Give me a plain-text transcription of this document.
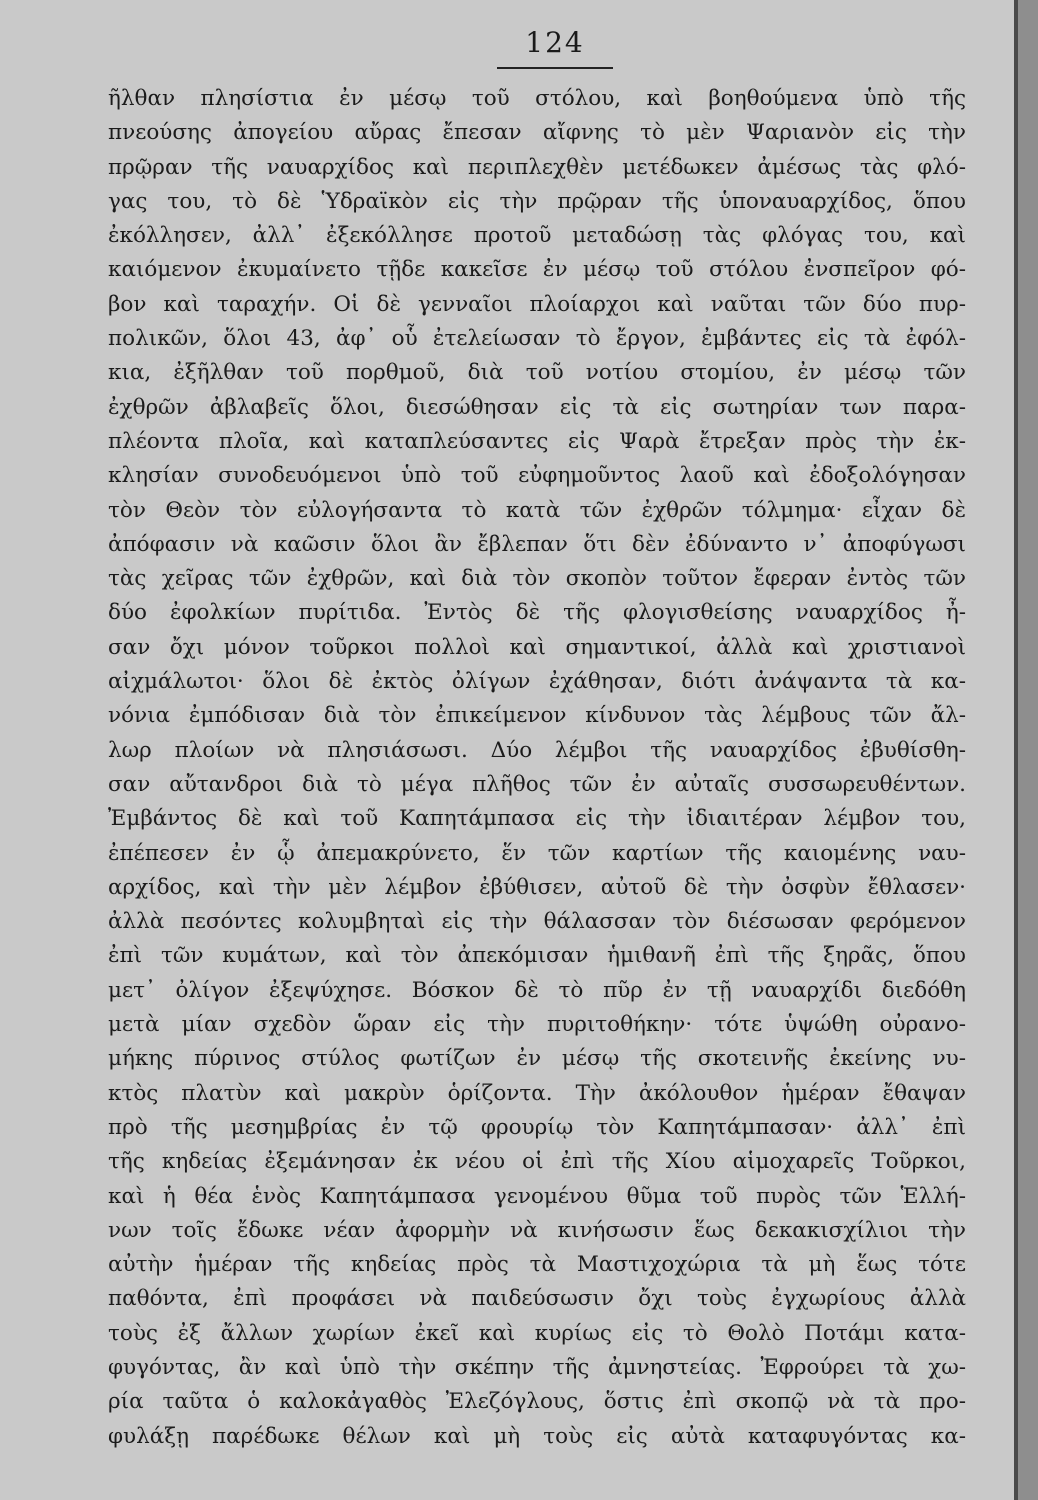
124
ῆλθαν πλησίστια ἐν μέσῳ τοῦ στόλου, καὶ βοηθούμενα ὑπὸ τῆς
πνεούσης ἀπογείου αὔρας ἔπεσαν αἴφνης τὸ μὲν Ψαριανὸν εἰς τὴν
πρῷραν τῆς ναυαρχίδος καὶ περιπλεχθὲν μετέδωκεν ἀμέσως τὰς φλό-
γας του, τὸ δὲ Ὑδραϊκὸν εἰς τὴν πρῷραν τῆς ὑποναυαρχίδος, ὅπου
ἐκόλλησεν, ἀλλ᾽ ἐξεκόλλησε προτοῦ μεταδώσῃ τὰς φλόγας του, καὶ
καιόμενον ἐκυμαίνετο τῇδε κακεῖσε ἐν μέσῳ τοῦ στόλου ἐνσπεῖρον φό-
βον καὶ ταραχήν. Οἱ δὲ γενναῖοι πλοίαρχοι καὶ ναῦται τῶν δύο πυρ-
πολικῶν, ὅλοι 43, ἀφ᾽ οὗ ἐτελείωσαν τὸ ἔργον, ἐμβάντες εἰς τὰ ἐφόλ-
κια, ἐξῆλθαν τοῦ πορθμοῦ, διὰ τοῦ νοτίου στομίου, ἐν μέσῳ τῶν
ἐχθρῶν ἀβλαβεῖς ὅλοι, διεσώθησαν εἰς τὰ εἰς σωτηρίαν των παρα-
πλέοντα πλοῖα, καὶ καταπλεύσαντες εἰς Ψαρὰ ἔτρεξαν πρὸς τὴν ἐκ-
κλησίαν συνοδευόμενοι ὑπὸ τοῦ εὐφημοῦντος λαοῦ καὶ ἐδοξολόγησαν
τὸν Θεὸν τὸν εὐλογήσαντα τὸ κατὰ τῶν ἐχθρῶν τόλμημα· εἶχαν δὲ
ἀπόφασιν νὰ καῶσιν ὅλοι ἂν ἔβλεπαν ὅτι δὲν ἐδύναντο ν᾽ ἀποφύγωσι
τὰς χεῖρας τῶν ἐχθρῶν, καὶ διὰ τὸν σκοπὸν τοῦτον ἔφεραν ἐντὸς τῶν
δύο ἐφολκίων πυρίτιδα. Ἐντὸς δὲ τῆς φλογισθείσης ναυαρχίδος ἦ-
σαν ὄχι μόνον τοῦρκοι πολλοὶ καὶ σημαντικοί, ἀλλὰ καὶ χριστιανοὶ
αἰχμάλωτοι· ὅλοι δὲ ἐκτὸς ὀλίγων ἐχάθησαν, διότι ἀνάψαντα τὰ κα-
νόνια ἐμπόδισαν διὰ τὸν ἐπικείμενον κίνδυνον τὰς λέμβους τῶν ἄλ-
λωρ πλοίων νὰ πλησιάσωσι. Δύο λέμβοι τῆς ναυαρχίδος ἐβυθίσθη-
σαν αὔτανδροι διὰ τὸ μέγα πλῆθος τῶν ἐν αὐταῖς συσσωρευθέντων.
Ἐμβάντος δὲ καὶ τοῦ Καπητάμπασα εἰς τὴν ἰδιαιτέραν λέμβον του,
ἐπέπεσεν ἐν ᾧ ἀπεμακρύνετο, ἕν τῶν καρτίων τῆς καιομένης ναυ-
αρχίδος, καὶ τὴν μὲν λέμβον ἐβύθισεν, αὐτοῦ δὲ τὴν ὀσφὺν ἔθλασεν·
ἀλλὰ πεσόντες κολυμβηταὶ εἰς τὴν θάλασσαν τὸν διέσωσαν φερόμενον
ἐπὶ τῶν κυμάτων, καὶ τὸν ἀπεκόμισαν ἡμιθανῆ ἐπὶ τῆς ξηρᾶς, ὅπου
μετ᾽ ὀλίγον ἐξεψύχησε. Βόσκον δὲ τὸ πῦρ ἐν τῇ ναυαρχίδι διεδόθη
μετὰ μίαν σχεδὸν ὥραν εἰς τὴν πυριτοθήκην· τότε ὑψώθη οὐρανο-
μήκης πύρινος στύλος φωτίζων ἐν μέσῳ τῆς σκοτεινῆς ἐκείνης νυ-
κτὸς πλατὺν καὶ μακρὺν ὁρίζοντα. Τὴν ἀκόλουθον ἡμέραν ἔθαψαν
πρὸ τῆς μεσημβρίας ἐν τῷ φρουρίῳ τὸν Καπητάμπασαν· ἀλλ᾽ ἐπὶ
τῆς κηδείας ἐξεμάνησαν ἐκ νέου οἱ ἐπὶ τῆς Χίου αἱμοχαρεῖς Τοῦρκοι,
καὶ ἡ θέα ἑνὸς Καπητάμπασα γενομένου θῦμα τοῦ πυρὸς τῶν Ἑλλή-
νων τοῖς ἔδωκε νέαν ἀφορμὴν νὰ κινήσωσιν ἕως δεκακισχίλιοι τὴν
αὐτὴν ἡμέραν τῆς κηδείας πρὸς τὰ Μαστιχοχώρια τὰ μὴ ἕως τότε
παθόντα, ἐπὶ προφάσει νὰ παιδεύσωσιν ὄχι τοὺς ἐγχωρίους ἀλλὰ
τοὺς ἐξ ἄλλων χωρίων ἐκεῖ καὶ κυρίως εἰς τὸ Θολὸ Ποτάμι κατα-
φυγόντας, ἂν καὶ ὑπὸ τὴν σκέπην τῆς ἀμνηστείας. Ἐφρούρει τὰ χω-
ρία ταῦτα ὁ καλοκἀγαθὸς Ἐλεζόγλους, ὅστις ἐπὶ σκοπῷ νὰ τὰ προ-
φυλάξῃ παρέδωκε θέλων καὶ μὴ τοὺς εἰς αὐτὰ καταφυγόντας κα-
